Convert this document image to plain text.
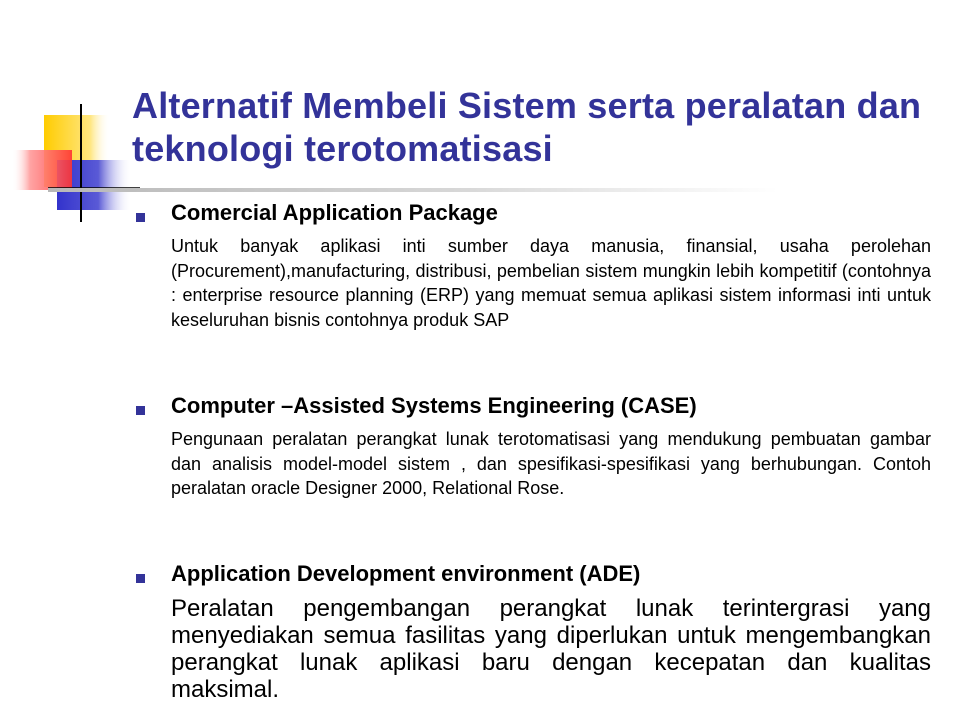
Alternatif Membeli Sistem serta peralatan dan teknologi terotomatisasi
Comercial Application Package
Untuk banyak aplikasi inti sumber daya manusia, finansial, usaha perolehan (Procurement),manufacturing, distribusi, pembelian sistem mungkin lebih kompetitif (contohnya : enterprise resource planning (ERP) yang memuat semua aplikasi sistem informasi inti untuk keseluruhan bisnis contohnya produk SAP
Computer –Assisted Systems Engineering (CASE)
Pengunaan peralatan perangkat lunak terotomatisasi yang mendukung pembuatan gambar dan analisis model-model sistem , dan spesifikasi-spesifikasi yang berhubungan. Contoh peralatan oracle Designer 2000, Relational Rose.
Application Development environment (ADE)
Peralatan pengembangan perangkat lunak terintergrasi yang menyediakan semua fasilitas yang diperlukan untuk mengembangkan perangkat lunak aplikasi baru dengan kecepatan dan kualitas maksimal.
